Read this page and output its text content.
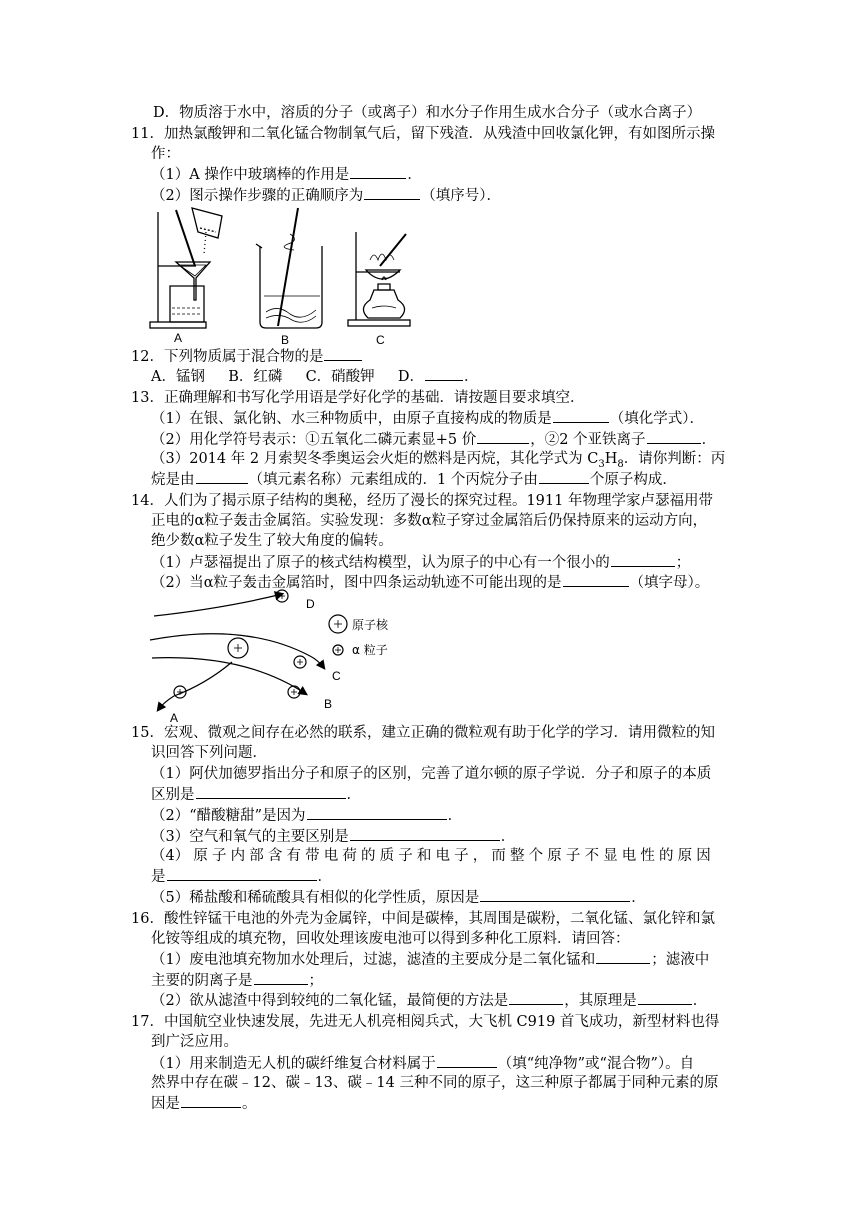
D．物质溶于水中，溶质的分子（或离子）和水分子作用生成水合分子（或水合离子）
11．加热氯酸钾和二氧化锰合物制氧气后，留下残渣．从残渣中回收氯化钾，有如图所示操
作：
（1）A 操作中玻璃棒的作用是	．
（2）图示操作步骤的正确顺序为	（填序号）．
A	B	C
12．下列物质属于混合物的是
A．锰钢 B．红磷 C．硝酸钾 D．	．
13．正确理解和书写化学用语是学好化学的基础．请按题目要求填空．
（1）在银、氯化钠、水三种物质中，由原子直接构成的物质是	（填化学式）．
（2）用化学符号表示：①五氧化二磷元素显+5 价	，②2 个亚铁离子	．
（3）2014 年 2 月索契冬季奥运会火炬的燃料是丙烷，其化学式为 $C_3H_8$．请你判断：丙
烷是由	（填元素名称）元素组成的．1 个丙烷分子由	个原子构成．
14．人们为了揭示原子结构的奥秘，经历了漫长的探究过程。1911 年物理学家卢瑟福用带
正电的α粒子轰击金属箔。实验发现：多数α粒子穿过金属箔后仍保持原来的运动方向，
绝少数α粒子发生了较大角度的偏转。
（1）卢瑟福提出了原子的核式结构模型，认为原子的中心有一个很小的	；
（2）当α粒子轰击金属箔时，图中四条运动轨迹不可能出现的是	（填字母）。
A
B
C
D
原子核
α 粒子
15．宏观、微观之间存在必然的联系，建立正确的微粒观有助于化学的学习．请用微粒的知
识回答下列问题．
（1）阿伏加德罗指出分子和原子的区别，完善了道尔顿的原子学说．分子和原子的本质
区别是	．
（2）“醋酸糖甜”是因为	．
（3）空气和氧气的主要区别是	．
（4） 原 子 内 部 含 有 带 电 荷 的 质 子 和 电 子 ， 而 整 个 原 子 不 显 电 性 的 原 因
是	．
（5）稀盐酸和稀硫酸具有相似的化学性质，原因是	．
16．酸性锌锰干电池的外壳为金属锌，中间是碳棒，其周围是碳粉，二氧化锰、氯化锌和氯
化铵等组成的填充物，回收处理该废电池可以得到多种化工原料．请回答：
（1）废电池填充物加水处理后，过滤，滤渣的主要成分是二氧化锰和	；滤液中
主要的阴离子是	；
（2）欲从滤渣中得到较纯的二氧化锰，最简便的方法是	，其原理是	．
17．中国航空业快速发展，先进无人机亮相阅兵式，大飞机 C919 首飞成功，新型材料也得
到广泛应用。
（1）用来制造无人机的碳纤维复合材料属于	（填“纯净物”或“混合物”）。自
然界中存在碳﹣12、碳﹣13、碳﹣14 三种不同的原子，这三种原子都属于同种元素的原
因是	。
